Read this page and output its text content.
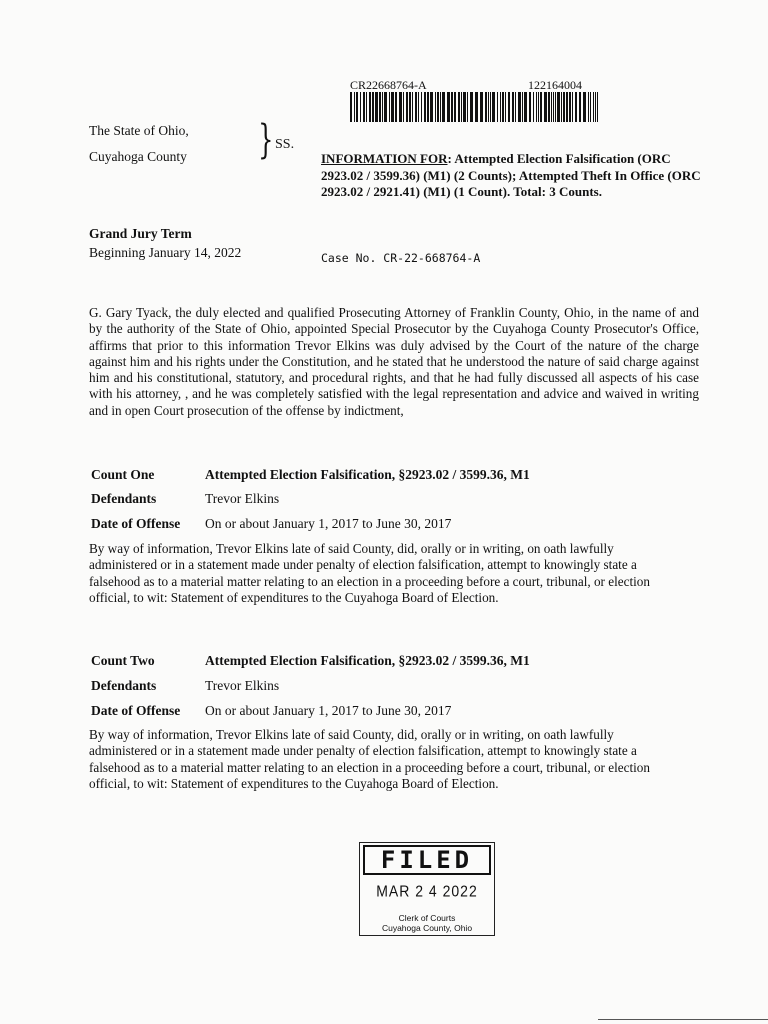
CR22668764-A	122164004
The State of Ohio,
Cuyahoga County } SS.
INFORMATION FOR: Attempted Election Falsification (ORC 2923.02 / 3599.36) (M1) (2 Counts); Attempted Theft In Office (ORC 2923.02 / 2921.41) (M1) (1 Count). Total: 3 Counts.
Grand Jury Term
Beginning January 14, 2022	Case No. CR-22-668764-A
G. Gary Tyack, the duly elected and qualified Prosecuting Attorney of Franklin County, Ohio, in the name of and by the authority of the State of Ohio, appointed Special Prosecutor by the Cuyahoga County Prosecutor's Office, affirms that prior to this information Trevor Elkins was duly advised by the Court of the nature of the charge against him and his rights under the Constitution, and he stated that he understood the nature of said charge against him and his constitutional, statutory, and procedural rights, and that he had fully discussed all aspects of his case with his attorney, , and he was completely satisfied with the legal representation and advice and waived in writing and in open Court prosecution of the offense by indictment,
Count One	Attempted Election Falsification, §2923.02 / 3599.36, M1
Defendants	Trevor Elkins
Date of Offense On or about January 1, 2017 to June 30, 2017
By way of information, Trevor Elkins late of said County, did, orally or in writing, on oath lawfully administered or in a statement made under penalty of election falsification, attempt to knowingly state a falsehood as to a material matter relating to an election in a proceeding before a court, tribunal, or election official, to wit: Statement of expenditures to the Cuyahoga Board of Election.
Count Two	Attempted Election Falsification, §2923.02 / 3599.36, M1
Defendants	Trevor Elkins
Date of Offense On or about January 1, 2017 to June 30, 2017
By way of information, Trevor Elkins late of said County, did, orally or in writing, on oath lawfully administered or in a statement made under penalty of election falsification, attempt to knowingly state a falsehood as to a material matter relating to an election in a proceeding before a court, tribunal, or election official, to wit: Statement of expenditures to the Cuyahoga Board of Election.
FILED
MAR 2 4 2022
Clerk of Courts
Cuyahoga County, Ohio
